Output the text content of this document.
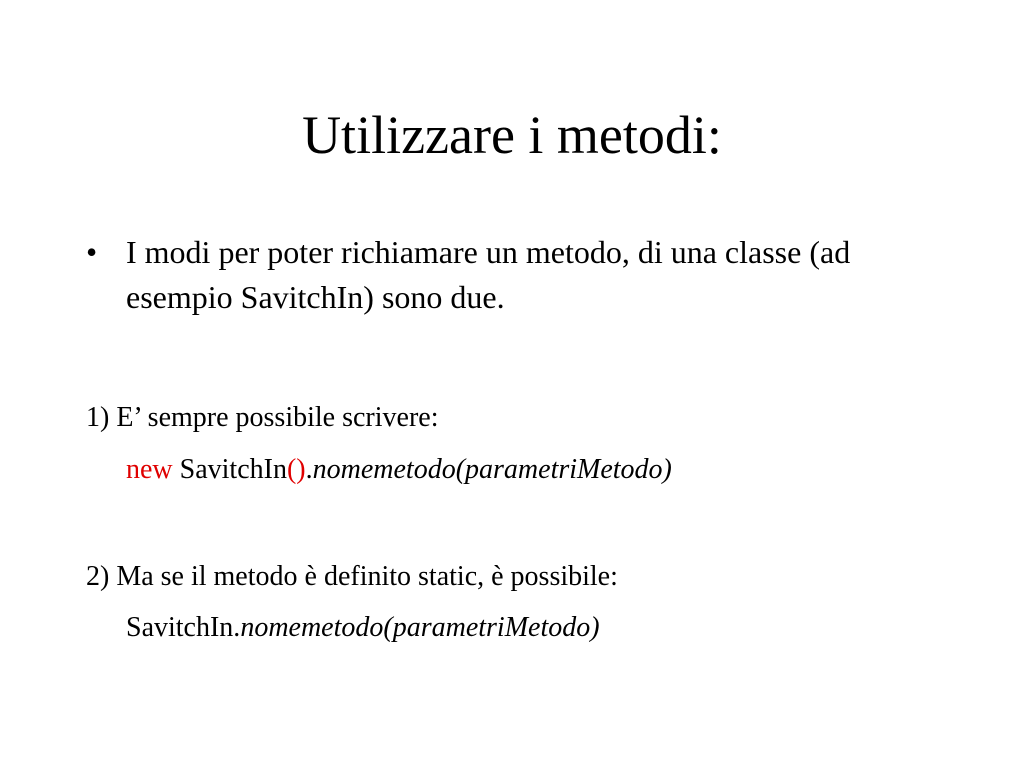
Utilizzare i metodi:
• I modi per poter richiamare un metodo, di una classe (ad esempio SavitchIn) sono due.
1) E’ sempre possibile scrivere:
new SavitchIn().nomemetodo(parametriMetodo)
2) Ma se il metodo è definito static, è possibile:
SavitchIn.nomemetodo(parametriMetodo)
